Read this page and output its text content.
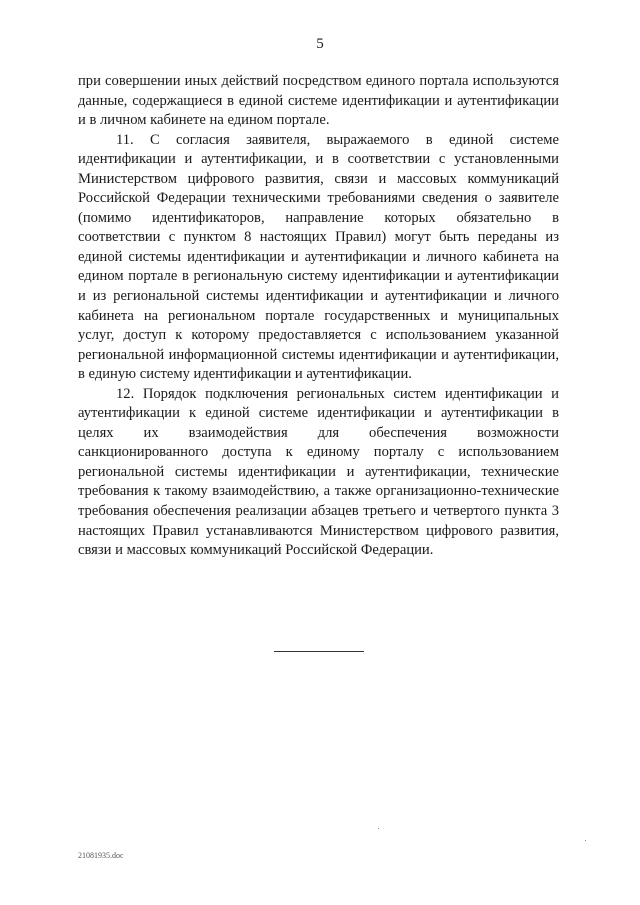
5

при совершении иных действий посредством единого портала используются данные, содержащиеся в единой системе идентификации и аутентификации и в личном кабинете на едином портале.

11. С согласия заявителя, выражаемого в единой системе идентификации и аутентификации, и в соответствии с установленными Министерством цифрового развития, связи и массовых коммуникаций Российской Федерации техническими требованиями сведения о заявителе (помимо идентификаторов, направление которых обязательно в соответствии с пунктом 8 настоящих Правил) могут быть переданы из единой системы идентификации и аутентификации и личного кабинета на едином портале в региональную систему идентификации и аутентификации и из региональной системы идентификации и аутентификации и личного кабинета на региональном портале государственных и муниципальных услуг, доступ к которому предоставляется с использованием указанной региональной информационной системы идентификации и аутентификации, в единую систему идентификации и аутентификации.

12. Порядок подключения региональных систем идентификации и аутентификации к единой системе идентификации и аутентификации в целях их взаимодействия для обеспечения возможности санкционированного доступа к единому порталу с использованием региональной системы идентификации и аутентификации, технические требования к такому взаимодействию, а также организационно-технические требования обеспечения реализации абзацев третьего и четвертого пункта 3 настоящих Правил устанавливаются Министерством цифрового развития, связи и массовых коммуникаций Российской Федерации.

21081935.doc
